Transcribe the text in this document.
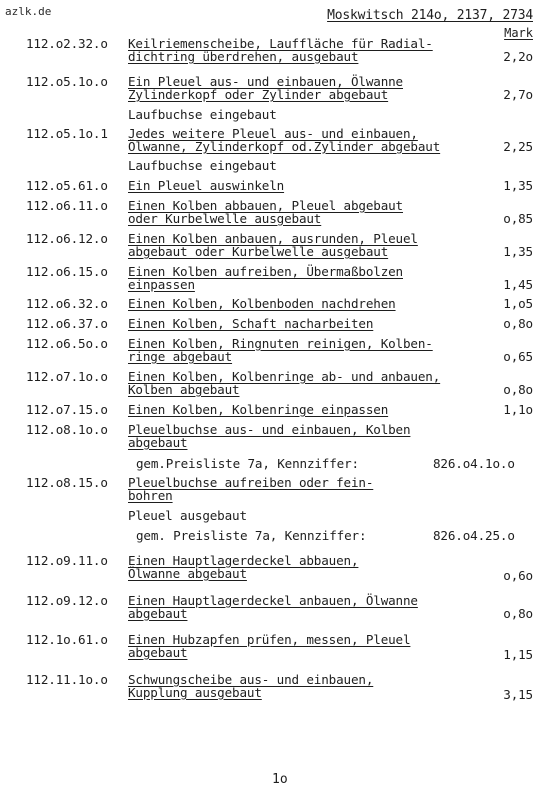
azlk.de	Moskwitsch 214o, 2137, 2734
Mark
112.o2.32.o Keilriemenscheibe, Lauffläche für Radial-
dichtring überdrehen, ausgebaut	2,2o
112.o5.1o.o Ein Pleuel aus- und einbauen, Ölwanne
Zylinderkopf oder Zylinder abgebaut	2,7o
Laufbuchse eingebaut
112.o5.1o.1 Jedes weitere Pleuel aus- und einbauen,
Ölwanne, Zylinderkopf od.Zylinder abgebaut	2,25
Laufbuchse eingebaut
112.o5.61.o Ein Pleuel auswinkeln	1,35
112.o6.11.o Einen Kolben abbauen, Pleuel abgebaut
oder Kurbelwelle ausgebaut	o,85
112.o6.12.o Einen Kolben anbauen, ausrunden, Pleuel
abgebaut oder Kurbelwelle ausgebaut	1,35
112.o6.15.o Einen Kolben aufreiben, Übermaßbolzen
einpassen	1,45
112.o6.32.o Einen Kolben, Kolbenboden nachdrehen	1,o5
112.o6.37.o Einen Kolben, Schaft nacharbeiten	o,8o
112.o6.5o.o Einen Kolben, Ringnuten reinigen, Kolben-
ringe abgebaut	o,65
112.o7.1o.o Einen Kolben, Kolbenringe ab- und anbauen,
Kolben abgebaut	o,8o
112.o7.15.o Einen Kolben, Kolbenringe einpassen	1,1o
112.o8.1o.o Pleuelbuchse aus- und einbauen, Kolben
abgebaut
gem.Preisliste 7a, Kennziffer:	826.o4.1o.o
112.o8.15.o Pleuelbuchse aufreiben oder fein-
bohren
Pleuel ausgebaut
gem. Preisliste 7a, Kennziffer:	826.o4.25.o
112.o9.11.o Einen Hauptlagerdeckel abbauen,
Ölwanne abgebaut	o,6o
112.o9.12.o Einen Hauptlagerdeckel anbauen, Ölwanne
abgebaut	o,8o
112.1o.61.o Einen Hubzapfen prüfen, messen, Pleuel
abgebaut	1,15
112.11.1o.o Schwungscheibe aus- und einbauen,
Kupplung ausgebaut	3,15
1o
